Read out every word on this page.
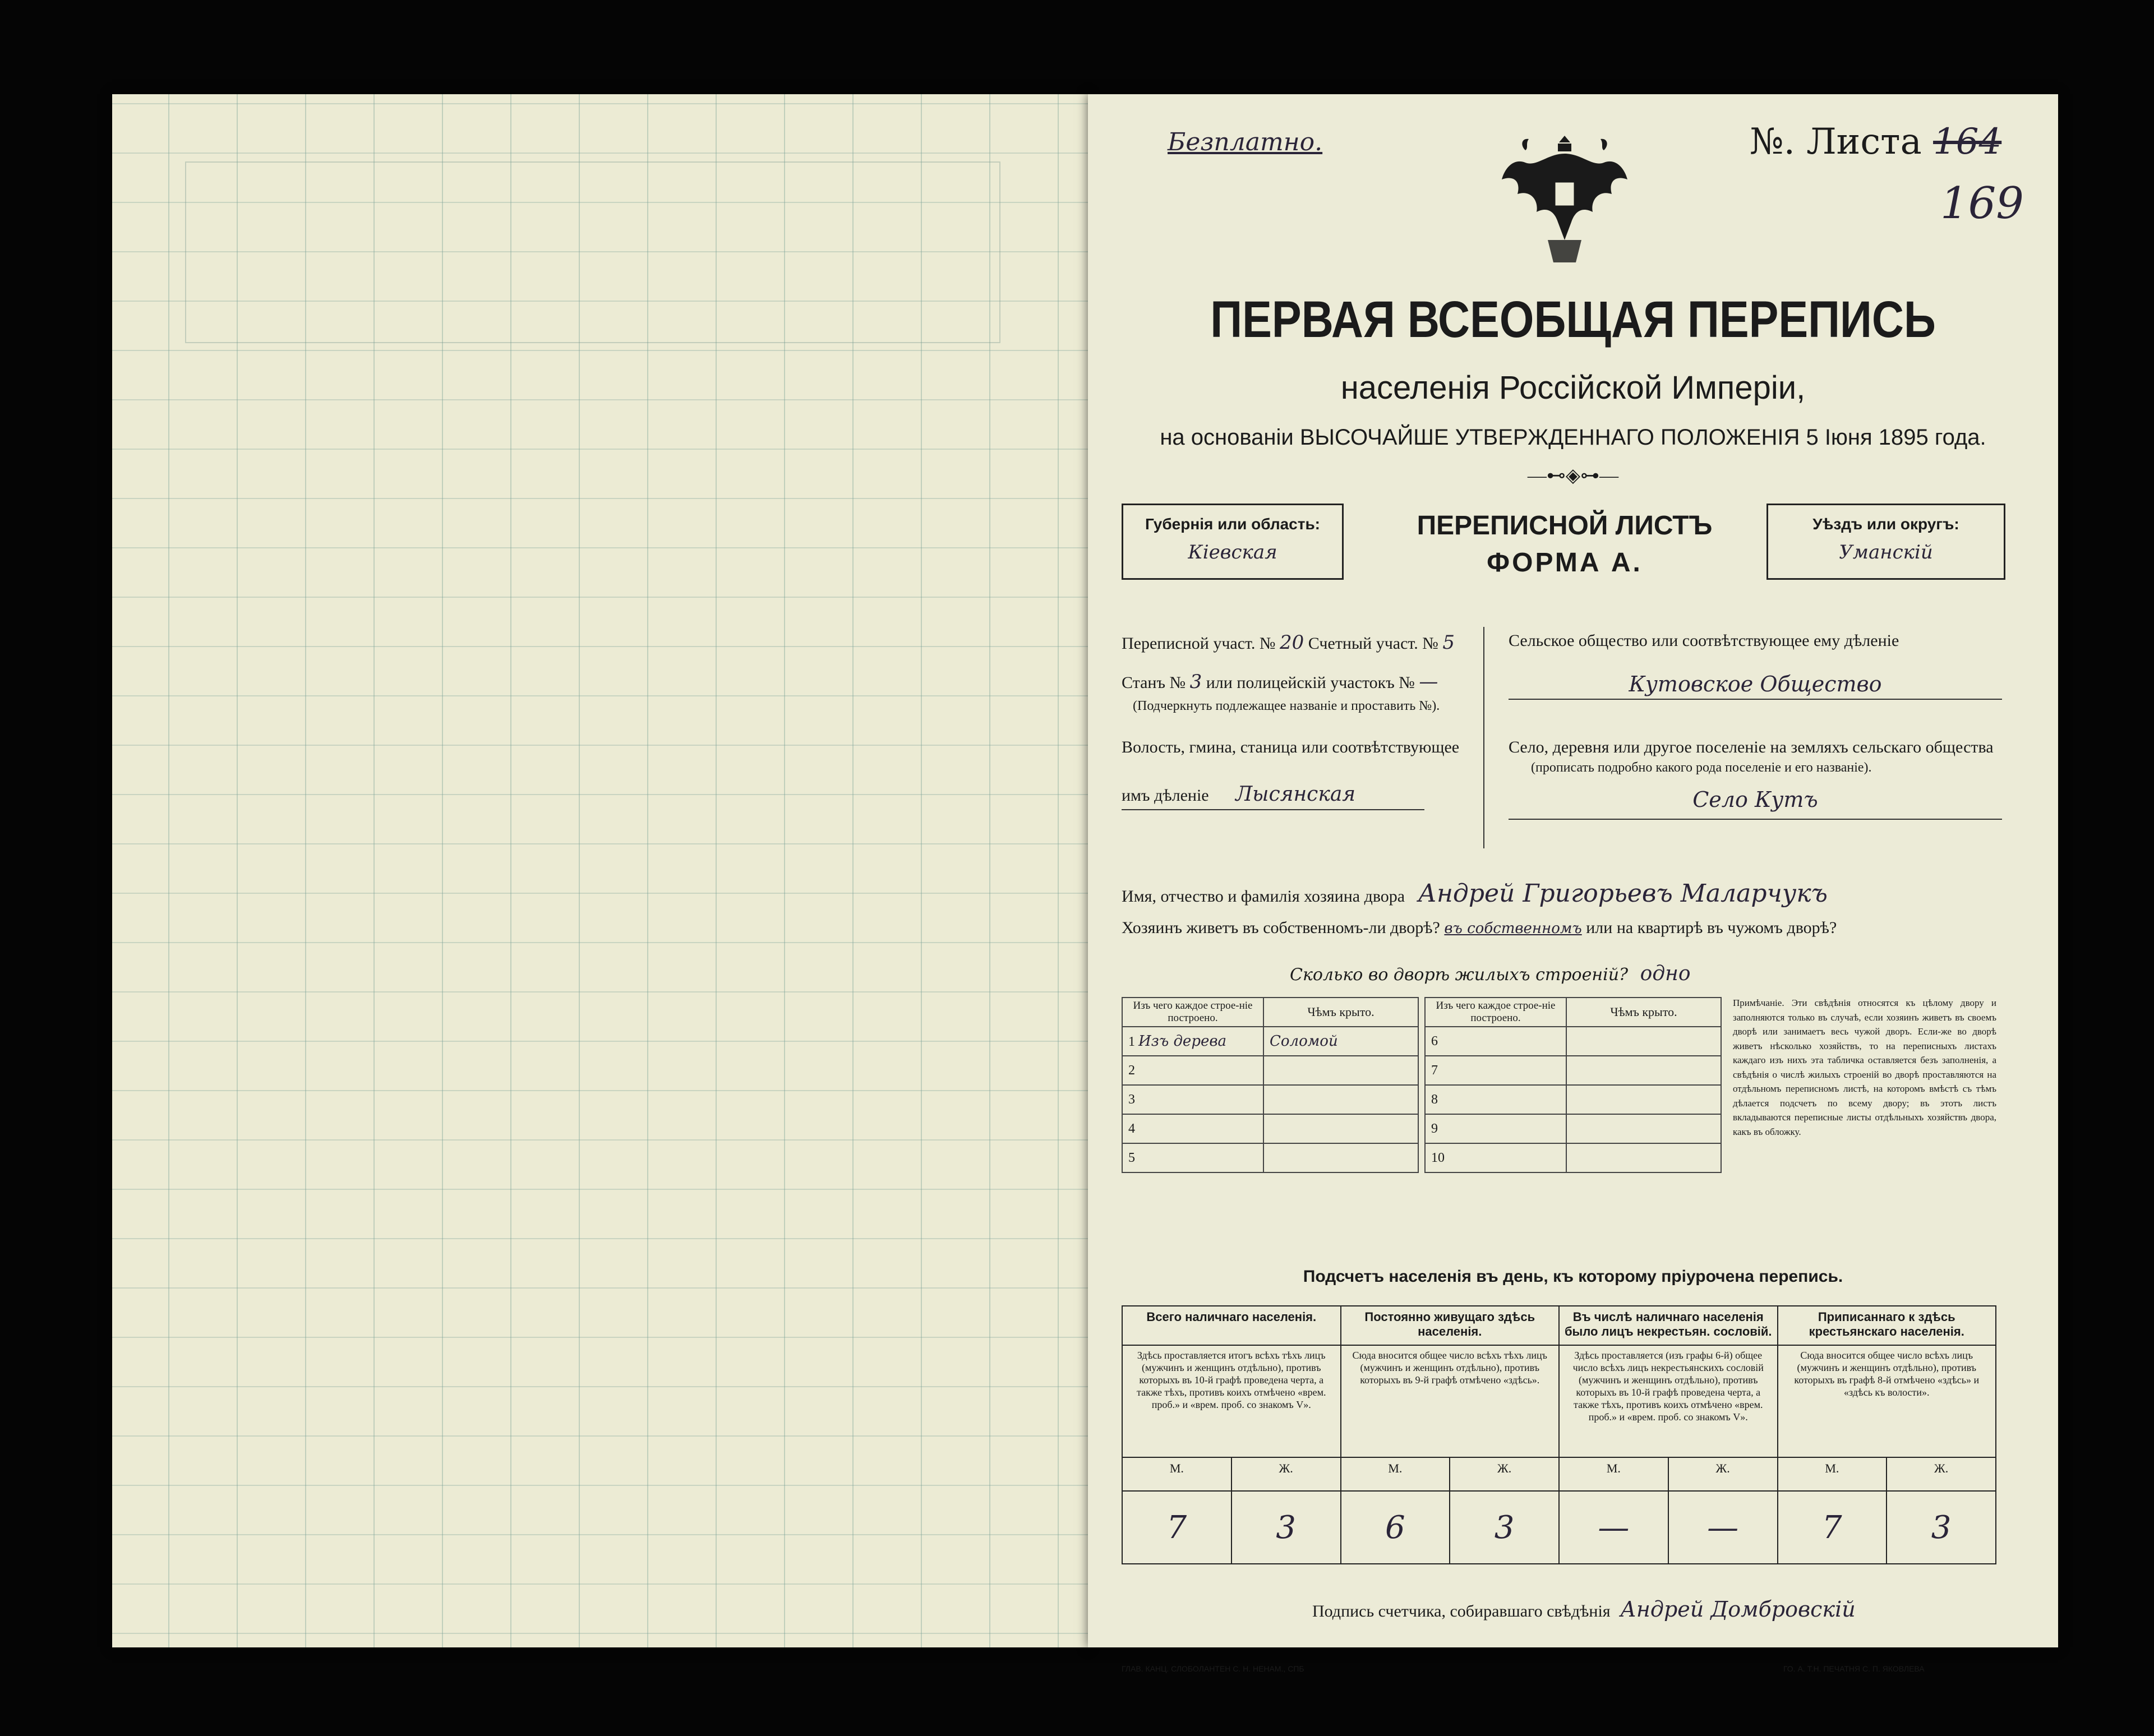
Безплатно.	№. Листа 164
169
ПЕРВАЯ ВСЕОБЩАЯ ПЕРЕПИСЬ
населенія Россійской Имперіи,
на основаніи ВЫСОЧАЙШЕ УТВЕРЖДЕННАГО ПОЛОЖЕНІЯ 5 Іюня 1895 года.
—⊷◈⊶—
Губернія или область:
Кіевская
ПЕРЕПИСНОЙ ЛИСТЪ
ФОРМА А.
Уѣздъ или округъ:
Уманскій
Переписной участ. № 20 Счетный участ. № 5
Станъ № 3 или полицейскій участокъ № —
(Подчеркнуть подлежащее названіе и проставить №).
Волость, гмина, станица или соотвѣтствующее
имъ дѣленіе Лысянская
Сельское общество или соотвѣтствующее ему дѣленіе
Кутовское Общество
Село, деревня или другое поселеніе на земляхъ сельскаго общества
(прописать подробно какого рода поселеніе и его названіе).
Село Кутъ
Имя, отчество и фамилія хозяина двора Андрей Григорьевъ Маларчукъ
Хозяинъ живетъ въ собственномъ-ли дворѣ? въ собственномъ или на квартирѣ въ чужомъ дворѣ?
Сколько во дворѣ жилыхъ строеній? одно
Изъ чего каждое строе-ніе построено.	Чѣмъ крыто.
1 Изъ дерева	Соломой
2	
3	
4	
5	
Изъ чего каждое строе-ніе построено.	Чѣмъ крыто.
6	
7	
8	
9	
10	
Примѣчаніе. Эти свѣдѣнія относятся къ цѣлому двору и заполняются только въ случаѣ, если хозяинъ живетъ въ своемъ дворѣ или занимаетъ весь чужой дворъ. Если-же во дворѣ живетъ нѣсколько хозяйствъ, то на переписныхъ листахъ каждаго изъ нихъ эта табличка оставляется безъ заполненія, а свѣдѣнія о числѣ жилыхъ строеній во дворѣ проставляются на отдѣльномъ переписномъ листѣ, на которомъ вмѣстѣ съ тѣмъ дѣлается подсчетъ по всему двору; въ этотъ листъ вкладываются переписные листы отдѣльныхъ хозяйствъ двора, какъ въ обложку.
Подсчетъ населенія въ день, къ которому пріурочена перепись.
Всего наличнаго населенія.		Постоянно живущаго здѣсь населенія.		Въ числѣ наличнаго населенія было лицъ некрестьян. сословій.		Приписаннаго к здѣсь крестьянскаго населенія.	
Здѣсь проставляется итогъ всѣхъ тѣхъ лицъ (мужчинъ и женщинъ отдѣльно), противъ которыхъ въ 10-й графѣ проведена черта, а также тѣхъ, противъ коихъ отмѣчено «врем. проб.» и «врем. проб. со знакомъ V».		Сюда вносится общее число всѣхъ тѣхъ лицъ (мужчинъ и женщинъ отдѣльно), противъ которыхъ въ 9-й графѣ отмѣчено «здѣсь».		Здѣсь проставляется (изъ графы 6-й) общее число всѣхъ лицъ некрестьянскихъ сословій (мужчинъ и женщинъ отдѣльно), противъ которыхъ въ 10-й графѣ проведена черта, а также тѣхъ, противъ коихъ отмѣчено «врем. проб.» и «врем. проб. со знакомъ V».		Сюда вносится общее число всѣхъ лицъ (мужчинъ и женщинъ отдѣльно), противъ которыхъ въ графѣ 8-й отмѣчено «здѣсь» и «здѣсь къ волости».	
М.	Ж.	М.	Ж.	М.	Ж.	М.	Ж.
7	3	6	3	—	—	7	3
Подпись счетчика, собиравшаго свѣдѣнія Андрей Домбровскій
ГЛАВ. КАНЦ. СЛОБОЛАНТЕН С. Н. НЕНАМ., СПБ	ГО. А. Т.Н. ПЕЧАТНЯ С. П. ЯКОВЛЕВА
